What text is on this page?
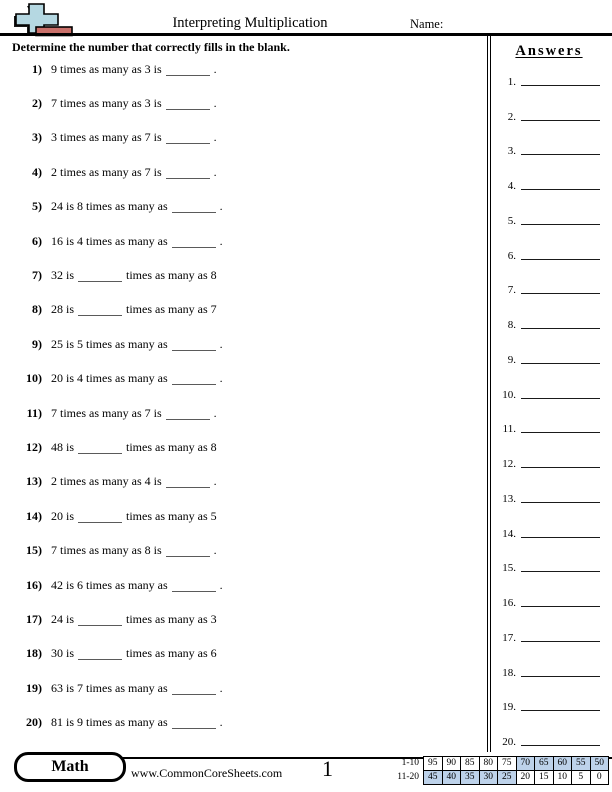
Interpreting Multiplication	Name:
Determine the number that correctly fills in the blank.
1) 9 times as many as 3 is	.
2) 7 times as many as 3 is	.
3) 3 times as many as 7 is	.
4) 2 times as many as 7 is	.
5) 24 is 8 times as many as	.
6) 16 is 4 times as many as	.
7) 32 is	times as many as 8
8) 28 is	times as many as 7
9) 25 is 5 times as many as	.
10) 20 is 4 times as many as	.
11) 7 times as many as 7 is	.
12) 48 is	times as many as 8
13) 2 times as many as 4 is	.
14) 20 is	times as many as 5
15) 7 times as many as 8 is	.
16) 42 is 6 times as many as	.
17) 24 is	times as many as 3
18) 30 is	times as many as 6
19) 63 is 7 times as many as	.
20) 81 is 9 times as many as	.
Answers
1.
2.
3.
4.
5.
6.
7.
8.
9.
10.
11.
12.
13.
14.
15.
16.
17.
18.
19.
20.
Math	www.CommonCoreSheets.com 1	1-10	95	90	85	80	75	70	65	60	55	50
11-20	45	40	35	30	25	20	15	10	5	0
